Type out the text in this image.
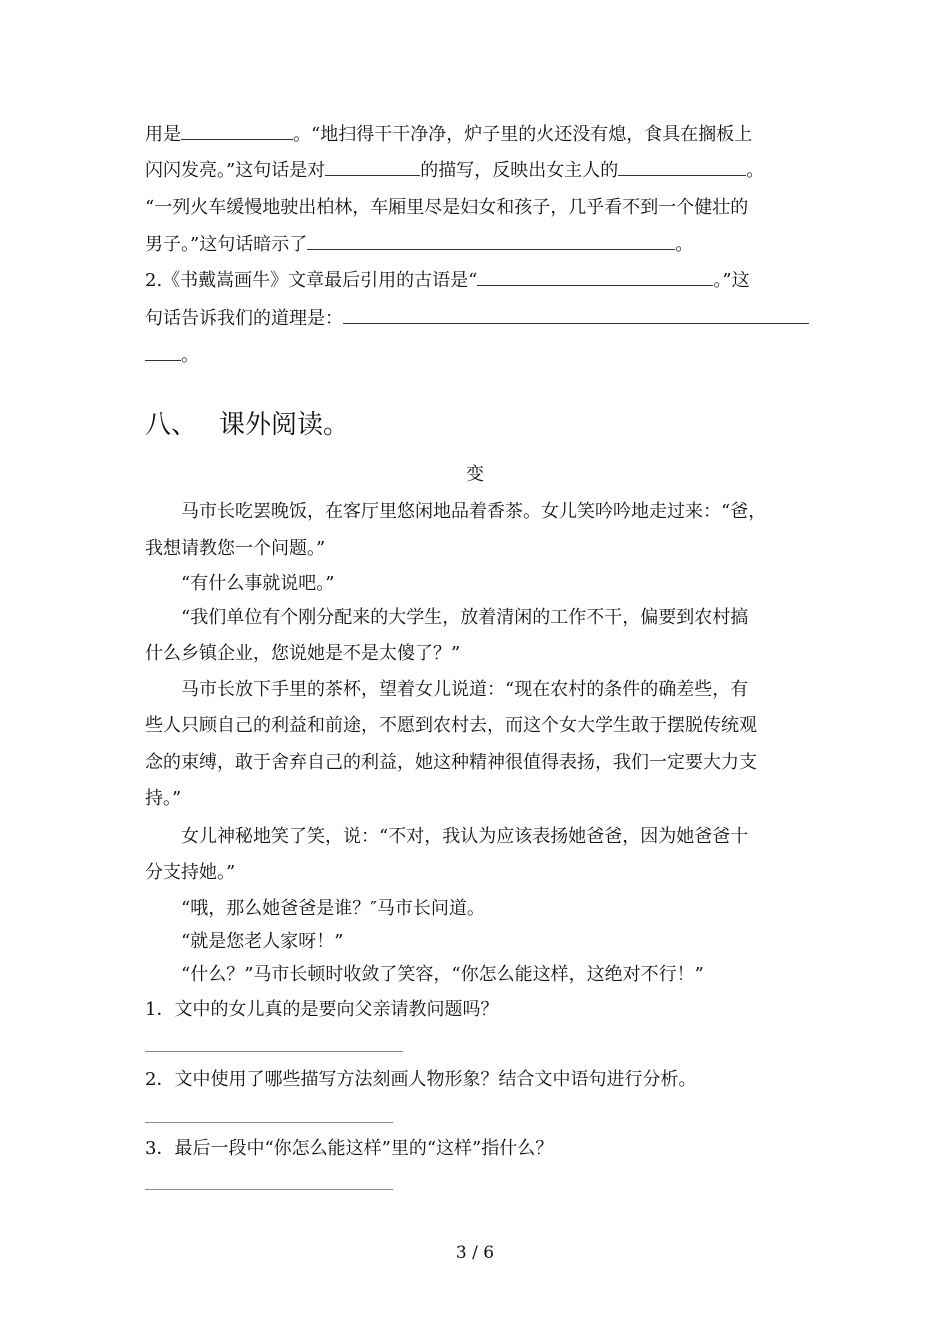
用是	。“地扫得干干净净，炉子里的火还没有熄，食具在搁板上
闪闪发亮。”这句话是对	的描写，反映出女主人的	。
“一列火车缓慢地驶出柏林，车厢里尽是妇女和孩子，几乎看不到一个健壮的
男子。”这句话暗示了	。
2.《书戴嵩画牛》文章最后引用的古语是“	。”这
句话告诉我们的道理是：
。
八、 课外阅读。
变
马市长吃罢晚饭，在客厅里悠闲地品着香茶。女儿笑吟吟地走过来：“爸，
我想请教您一个问题。”
“有什么事就说吧。”
“我们单位有个刚分配来的大学生，放着清闲的工作不干，偏要到农村搞
什么乡镇企业，您说她是不是太傻了？”
马市长放下手里的茶杯，望着女儿说道：“现在农村的条件的确差些，有
些人只顾自己的利益和前途，不愿到农村去，而这个女大学生敢于摆脱传统观
念的束缚，敢于舍弃自己的利益，她这种精神很值得表扬，我们一定要大力支
持。”
女儿神秘地笑了笑，说：“不对，我认为应该表扬她爸爸，因为她爸爸十
分支持她。”
“哦，那么她爸爸是谁？″马市长问道。
“就是您老人家呀！”
“什么？”马市长顿时收敛了笑容，“你怎么能这样，这绝对不行！”
1．文中的女儿真的是要向父亲请教问题吗？
2．文中使用了哪些描写方法刻画人物形象？结合文中语句进行分析。
3．最后一段中“你怎么能这样”里的“这样”指什么？
3 / 6
